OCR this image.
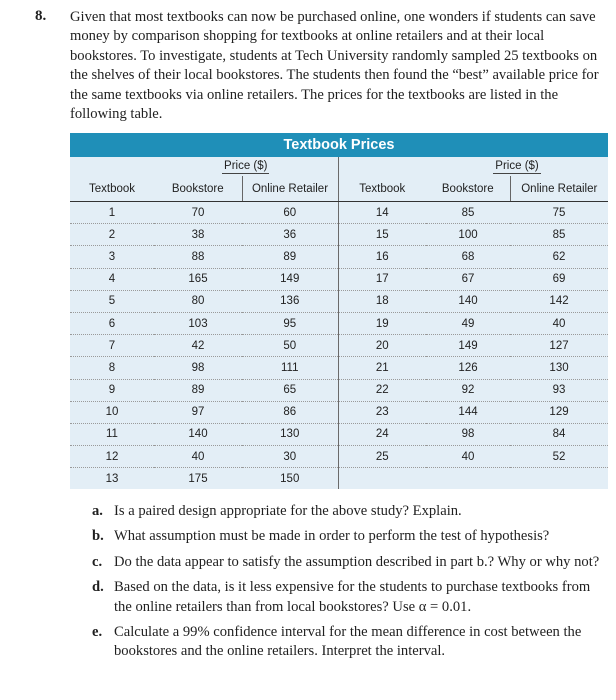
8. Given that most textbooks can now be purchased online, one wonders if students can save money by comparison shopping for textbooks at online retailers and at their local bookstores. To investigate, students at Tech University randomly sampled 25 textbooks on the shelves of their local bookstores. The students then found the “best” available price for the same textbooks via online retailers. The prices for the textbooks are listed in the following table.
Textbook Prices
	Price ($)			Price ($)	
Textbook	Bookstore	Online Retailer	Textbook	Bookstore	Online Retailer
1	70	60	14	85	75
2	38	36	15	100	85
3	88	89	16	68	62
4	165	149	17	67	69
5	80	136	18	140	142
6	103	95	19	49	40
7	42	50	20	149	127
8	98	111	21	126	130
9	89	65	22	92	93
10	97	86	23	144	129
11	140	130	24	98	84
12	40	30	25	40	52
13	175	150			
a. Is a paired design appropriate for the above study? Explain.
b. What assumption must be made in order to perform the test of hypothesis?
c. Do the data appear to satisfy the assumption described in part b.? Why or why not?
d. Based on the data, is it less expensive for the students to purchase textbooks from the online retailers than from local bookstores? Use α = 0.01.
e. Calculate a 99% confidence interval for the mean difference in cost between the bookstores and the online retailers. Interpret the interval.
